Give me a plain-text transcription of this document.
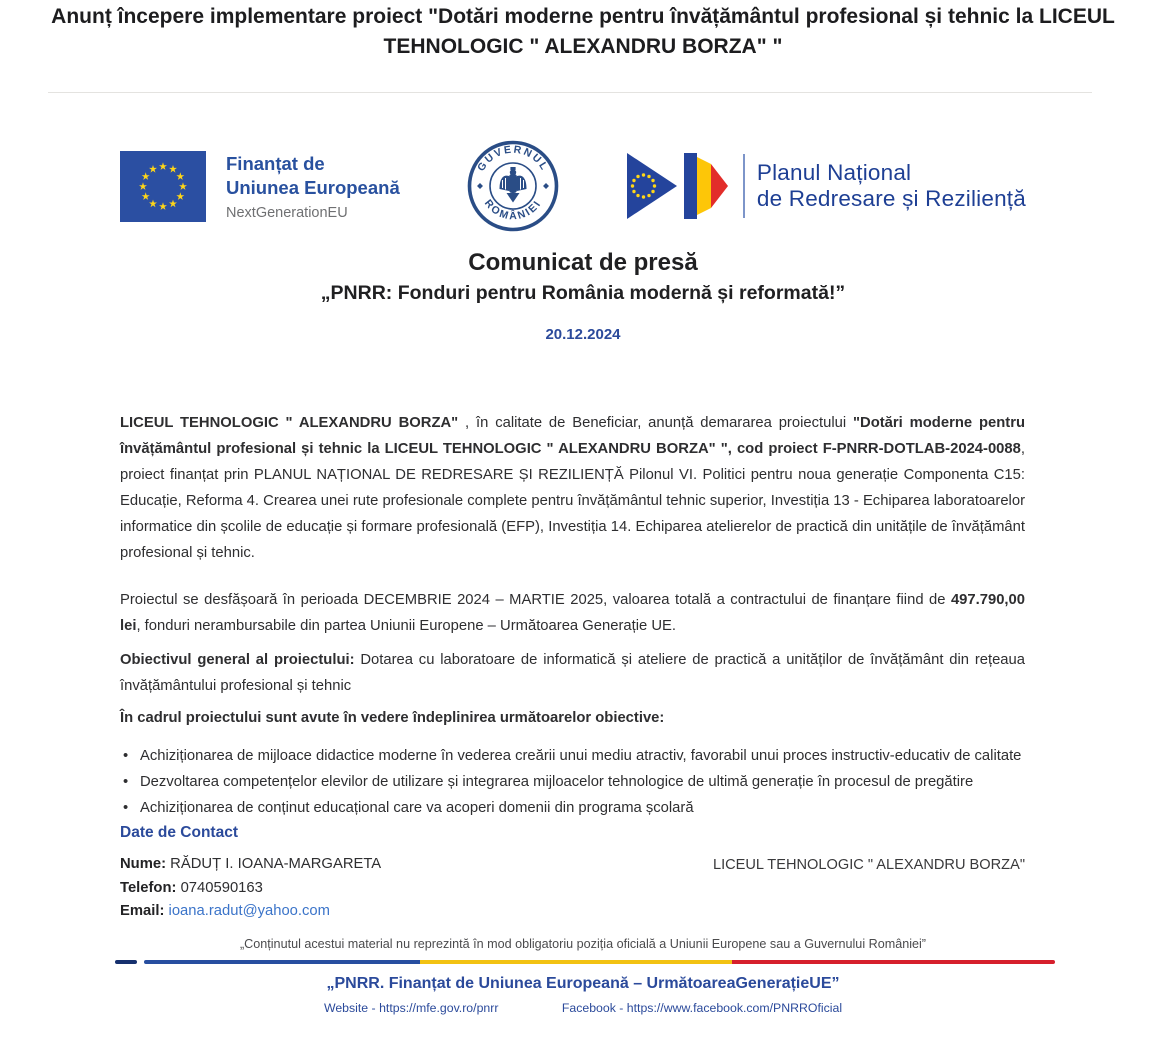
Anunț începere implementare proiect "Dotări moderne pentru învățământul profesional și tehnic la LICEUL TEHNOLOGIC " ALEXANDRU BORZA" "
Finanțat de
Uniunea Europeană
NextGenerationEU
GUVERNUL
ROMÂNIEI
Planul Național
de Redresare și Reziliență
Comunicat de presă
„PNRR: Fonduri pentru România modernă și reformată!”
20.12.2024

LICEUL TEHNOLOGIC " ALEXANDRU BORZA" , în calitate de Beneficiar, anunță demararea proiectului "Dotări moderne pentru învățământul profesional și tehnic la LICEUL TEHNOLOGIC " ALEXANDRU BORZA" ", cod proiect F-PNRR-DOTLAB-2024-0088, proiect finanțat prin PLANUL NAȚIONAL DE REDRESARE ȘI REZILIENȚĂ Pilonul VI. Politici pentru noua generație Componenta C15: Educație, Reforma 4. Crearea unei rute profesionale complete pentru învățământul tehnic superior, Investiția 13 - Echiparea laboratoarelor informatice din școlile de educație și formare profesională (EFP), Investiția 14. Echiparea atelierelor de practică din unitățile de învățământ profesional și tehnic.

Proiectul se desfășoară în perioada DECEMBRIE 2024 – MARTIE 2025, valoarea totală a contractului de finanțare fiind de 497.790,00 lei, fonduri nerambursabile din partea Uniunii Europene – Următoarea Generație UE.

Obiectivul general al proiectului: Dotarea cu laboratoare de informatică și ateliere de practică a unităților de învățământ din rețeaua învățământului profesional și tehnic

În cadrul proiectului sunt avute în vedere îndeplinirea următoarelor obiective:

• Achiziționarea de mijloace didactice moderne în vederea creării unui mediu atractiv, favorabil unui proces instructiv-educativ de calitate
• Dezvoltarea competențelor elevilor de utilizare și integrarea mijloacelor tehnologice de ultimă generație în procesul de pregătire
• Achiziționarea de conținut educațional care va acoperi domenii din programa școlară
Date de Contact
Nume: RĂDUȚ I. IOANA-MARGARETA
Telefon: 0740590163
Email: ioana.radut@yahoo.com
LICEUL TEHNOLOGIC " ALEXANDRU BORZA"
„Conținutul acestui material nu reprezintă în mod obligatoriu poziția oficială a Uniunii Europene sau a Guvernului României”
„PNRR. Finanțat de Uniunea Europeană – UrmătoareaGenerațieUE”
Website - https://mfe.gov.ro/pnrr	Facebook - https://www.facebook.com/PNRROficial
